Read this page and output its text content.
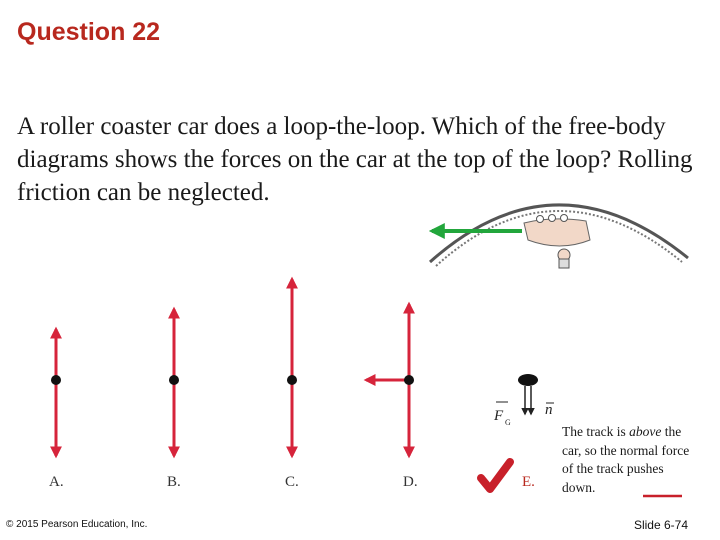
Question 22
A roller coaster car does a loop-the-loop. Which of the free-body diagrams shows the forces on the car at the top of the loop? Rolling friction can be neglected.
A.	B.	C.	D.
F G
n
E.
The track is above the car, so the normal force of the track pushes down.
© 2015 Pearson Education, Inc.	Slide 6-74
